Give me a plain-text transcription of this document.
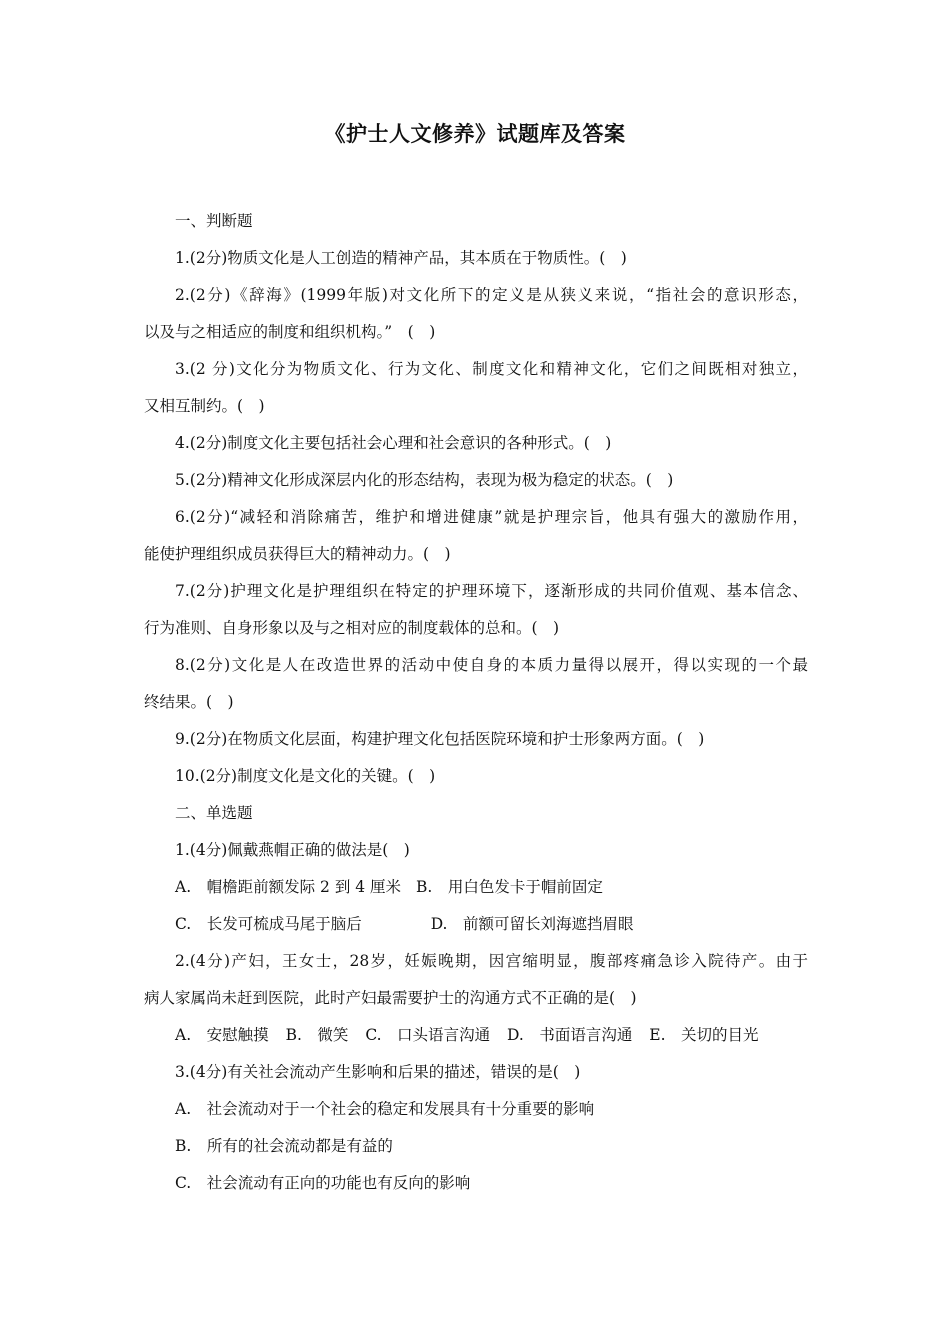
《护士人文修养》试题库及答案
一、判断题
1.(2分)物质文化是人工创造的精神产品，其本质在于物质性。(　)
2.(2分)《辞海》(1999年版)对文化所下的定义是从狭义来说，“指社会的意识形态，
以及与之相适应的制度和组织机构。”　(　)
3.(2 分)文化分为物质文化、行为文化、制度文化和精神文化，它们之间既相对独立，
又相互制约。(　)
4.(2分)制度文化主要包括社会心理和社会意识的各种形式。(　)
5.(2分)精神文化形成深层内化的形态结构，表现为极为稳定的状态。(　)
6.(2分)“减轻和消除痛苦，维护和增进健康”就是护理宗旨，他具有强大的激励作用，
能使护理组织成员获得巨大的精神动力。(　)
7.(2分)护理文化是护理组织在特定的护理环境下，逐渐形成的共同价值观、基本信念、
行为准则、自身形象以及与之相对应的制度载体的总和。(　)
8.(2分)文化是人在改造世界的活动中使自身的本质力量得以展开，得以实现的一个最
终结果。(　)
9.(2分)在物质文化层面，构建护理文化包括医院环境和护士形象两方面。(　)
10.(2分)制度文化是文化的关键。(　)
二、单选题
1.(4分)佩戴燕帽正确的做法是(　)
A.　帽檐距前额发际 2 到 4 厘米 B.　用白色发卡于帽前固定
C.　长发可梳成马尾于脑后	D.　前额可留长刘海遮挡眉眼
2.(4分)产妇，王女士，28岁，妊娠晚期，因宫缩明显，腹部疼痛急诊入院待产。由于
病人家属尚未赶到医院，此时产妇最需要护士的沟通方式不正确的是(　)
A.　安慰触摸 B.　微笑 C.　口头语言沟通 D.　书面语言沟通 E.　关切的目光
3.(4分)有关社会流动产生影响和后果的描述，错误的是(　)
A.　社会流动对于一个社会的稳定和发展具有十分重要的影响
B.　所有的社会流动都是有益的
C.　社会流动有正向的功能也有反向的影响
